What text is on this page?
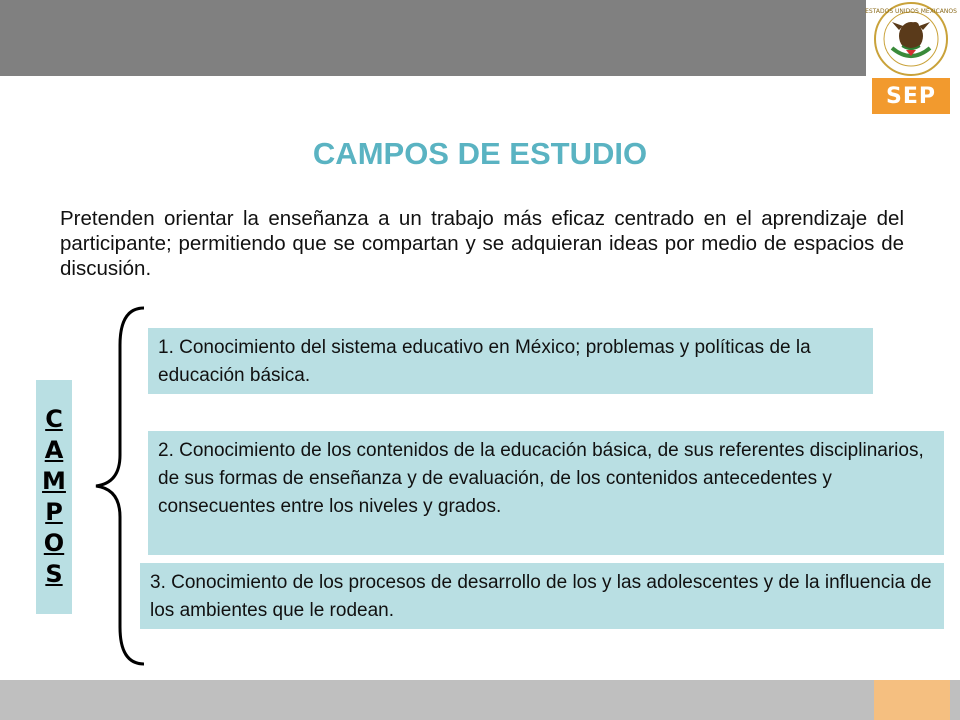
ESTADOS UNIDOS MEXICANOS
SEP
CAMPOS DE ESTUDIO
Pretenden orientar la enseñanza a un trabajo más eficaz centrado en el aprendizaje del participante; permitiendo que se compartan y se adquieran ideas por medio de espacios de discusión.
C
A
M
P
O
S
1. Conocimiento del sistema educativo en México; problemas y políticas de la educación básica.
2. Conocimiento de los contenidos de la educación básica, de sus referentes disciplinarios, de sus formas de enseñanza y de evaluación, de los contenidos antecedentes y consecuentes entre los niveles y grados.
3. Conocimiento de los procesos de desarrollo de los y las adolescentes y de la influencia de los ambientes que le rodean.
